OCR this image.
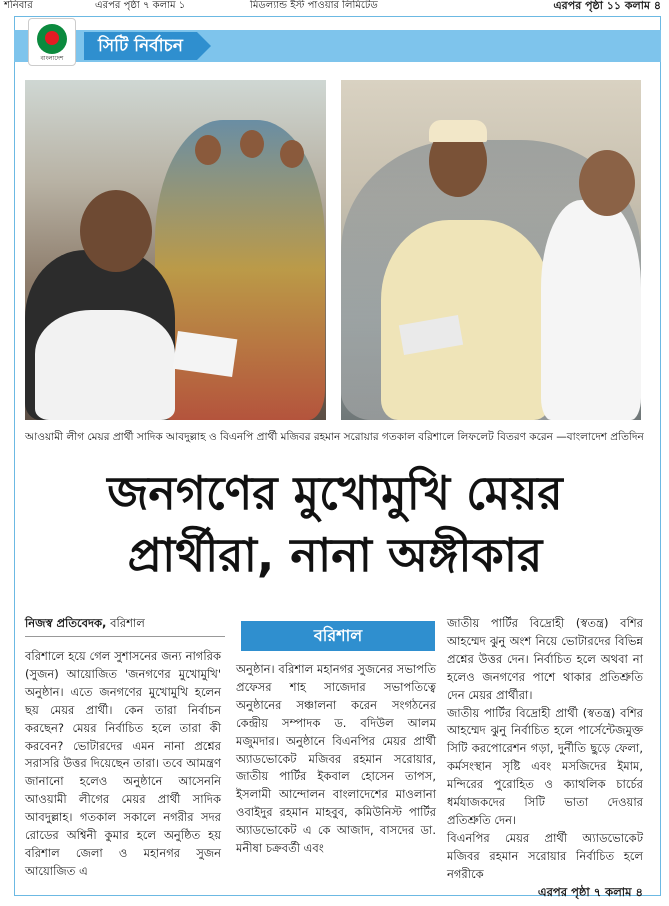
শনিবার	এরপর পৃষ্ঠা ৭ কলাম ১	মিডল্যান্ড ইস্ট পাওয়ার লিমিটেড	এরপর পৃষ্ঠা ১১ কলাম ৪
বাংলাদেশ
সিটি নির্বাচন
আওয়ামী লীগ মেয়র প্রার্থী সাদিক আবদুল্লাহ ও বিএনপি প্রার্থী মজিবর রহমান সরোয়ার গতকাল বরিশালে লিফলেট বিতরণ করেন —বাংলাদেশ প্রতিদিন
জনগণের মুখোমুখি মেয়র
প্রার্থীরা, নানা অঙ্গীকার
নিজস্ব প্রতিবেদক, বরিশাল
বরিশাল

বরিশালে হয়ে গেল সুশাসনের জন্য নাগরিক (সুজন) আয়োজিত 'জনগণের মুখোমুখি' অনুষ্ঠান। এতে জনগণের মুখোমুখি হলেন ছয় মেয়র প্রার্থী। কেন তারা নির্বাচন করছেন? মেয়র নির্বাচিত হলে তারা কী করবেন? ভোটারদের এমন নানা প্রশ্নের সরাসরি উত্তর দিয়েছেন তারা। তবে আমন্ত্রণ জানানো হলেও অনুষ্ঠানে আসেননি আওয়ামী লীগের মেয়র প্রার্থী সাদিক আবদুল্লাহ। গতকাল সকালে নগরীর সদর রোডের অশ্বিনী কুমার হলে অনুষ্ঠিত হয় বরিশাল জেলা ও মহানগর সুজন আয়োজিত এ

অনুষ্ঠান। বরিশাল মহানগর সুজনের সভাপতি প্রফেসর শাহ সাজেদার সভাপতিত্বে অনুষ্ঠানের সঞ্চালনা করেন সংগঠনের কেন্দ্রীয় সম্পাদক ড. বদিউল আলম মজুমদার। অনুষ্ঠানে বিএনপির মেয়র প্রার্থী অ্যাডভোকেট মজিবর রহমান সরোয়ার, জাতীয় পার্টির ইকবাল হোসেন তাপস, ইসলামী আন্দোলন বাংলাদেশের মাওলানা ওবাইদুর রহমান মাহবুব, কমিউনিস্ট পার্টির অ্যাডভোকেট এ কে আজাদ, বাসদের ডা. মনীষা চক্রবর্তী এবং

জাতীয় পার্টির বিদ্রোহী (স্বতন্ত্র) বশির আহম্মেদ ঝুনু অংশ নিয়ে ভোটারদের বিভিন্ন প্রশ্নের উত্তর দেন। নির্বাচিত হলে অথবা না হলেও জনগণের পাশে থাকার প্রতিশ্রুতি দেন মেয়র প্রার্থীরা।

জাতীয় পার্টির বিদ্রোহী প্রার্থী (স্বতন্ত্র) বশির আহম্মেদ ঝুনু নির্বাচিত হলে পার্সেন্টেজমুক্ত সিটি করপোরেশন গড়া, দুর্নীতি ছুড়ে ফেলা, কর্মসংস্থান সৃষ্টি এবং মসজিদের ইমাম, মন্দিরের পুরোহিত ও ক্যাথলিক চার্চের ধর্মযাজকদের সিটি ভাতা দেওয়ার প্রতিশ্রুতি দেন।

বিএনপির মেয়র প্রার্থী অ্যাডভোকেট মজিবর রহমান সরোয়ার নির্বাচিত হলে নগরীকে

এরপর পৃষ্ঠা ৭ কলাম ৪
